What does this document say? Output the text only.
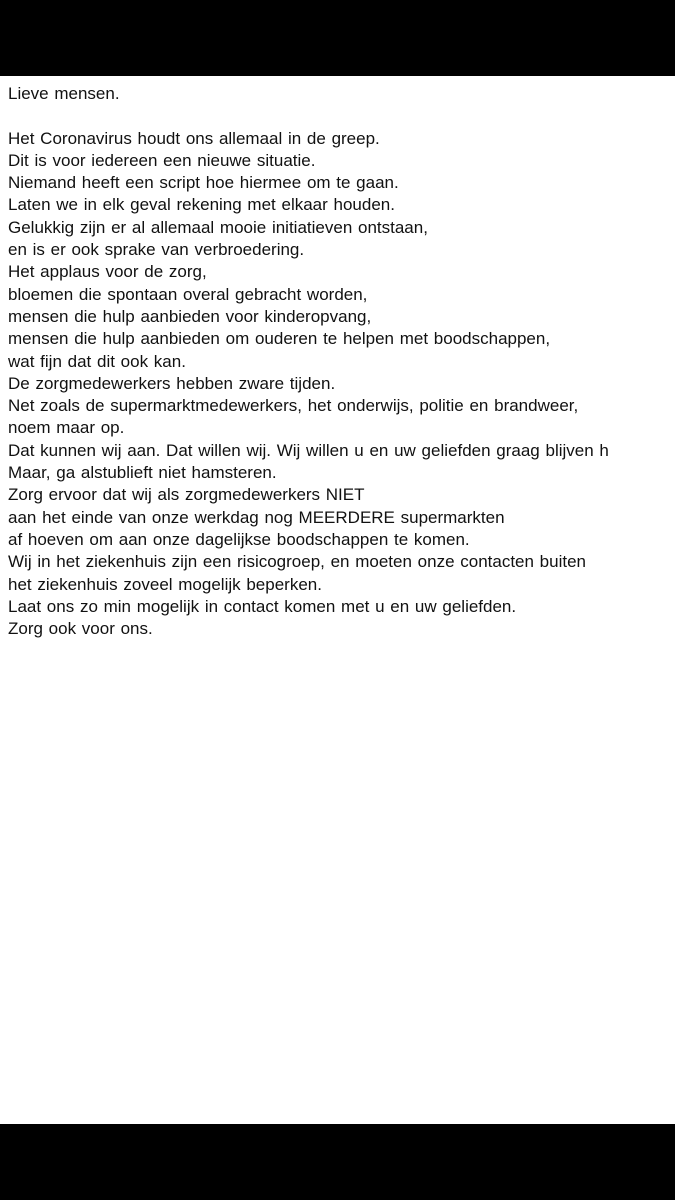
Lieve mensen.
Het Coronavirus houdt ons allemaal in de greep.
Dit is voor iedereen een nieuwe situatie.
Niemand heeft een script hoe hiermee om te gaan.
Laten we in elk geval rekening met elkaar houden.
Gelukkig zijn er al allemaal mooie initiatieven ontstaan,
en is er ook sprake van verbroedering.
Het applaus voor de zorg,
bloemen die spontaan overal gebracht worden,
mensen die hulp aanbieden voor kinderopvang,
mensen die hulp aanbieden om ouderen te helpen met boodschappen,
wat fijn dat dit ook kan.
De zorgmedewerkers hebben zware tijden.
Net zoals de supermarktmedewerkers, het onderwijs, politie en brandweer,
noem maar op.
Dat kunnen wij aan. Dat willen wij. Wij willen u en uw geliefden graag blijven h
Maar, ga alstublieft niet hamsteren.
Zorg ervoor dat wij als zorgmedewerkers NIET
aan het einde van onze werkdag nog MEERDERE supermarkten
af hoeven om aan onze dagelijkse boodschappen te komen.
Wij in het ziekenhuis zijn een risicogroep, en moeten onze contacten buiten
het ziekenhuis zoveel mogelijk beperken.
Laat ons zo min mogelijk in contact komen met u en uw geliefden.
Zorg ook voor ons.
